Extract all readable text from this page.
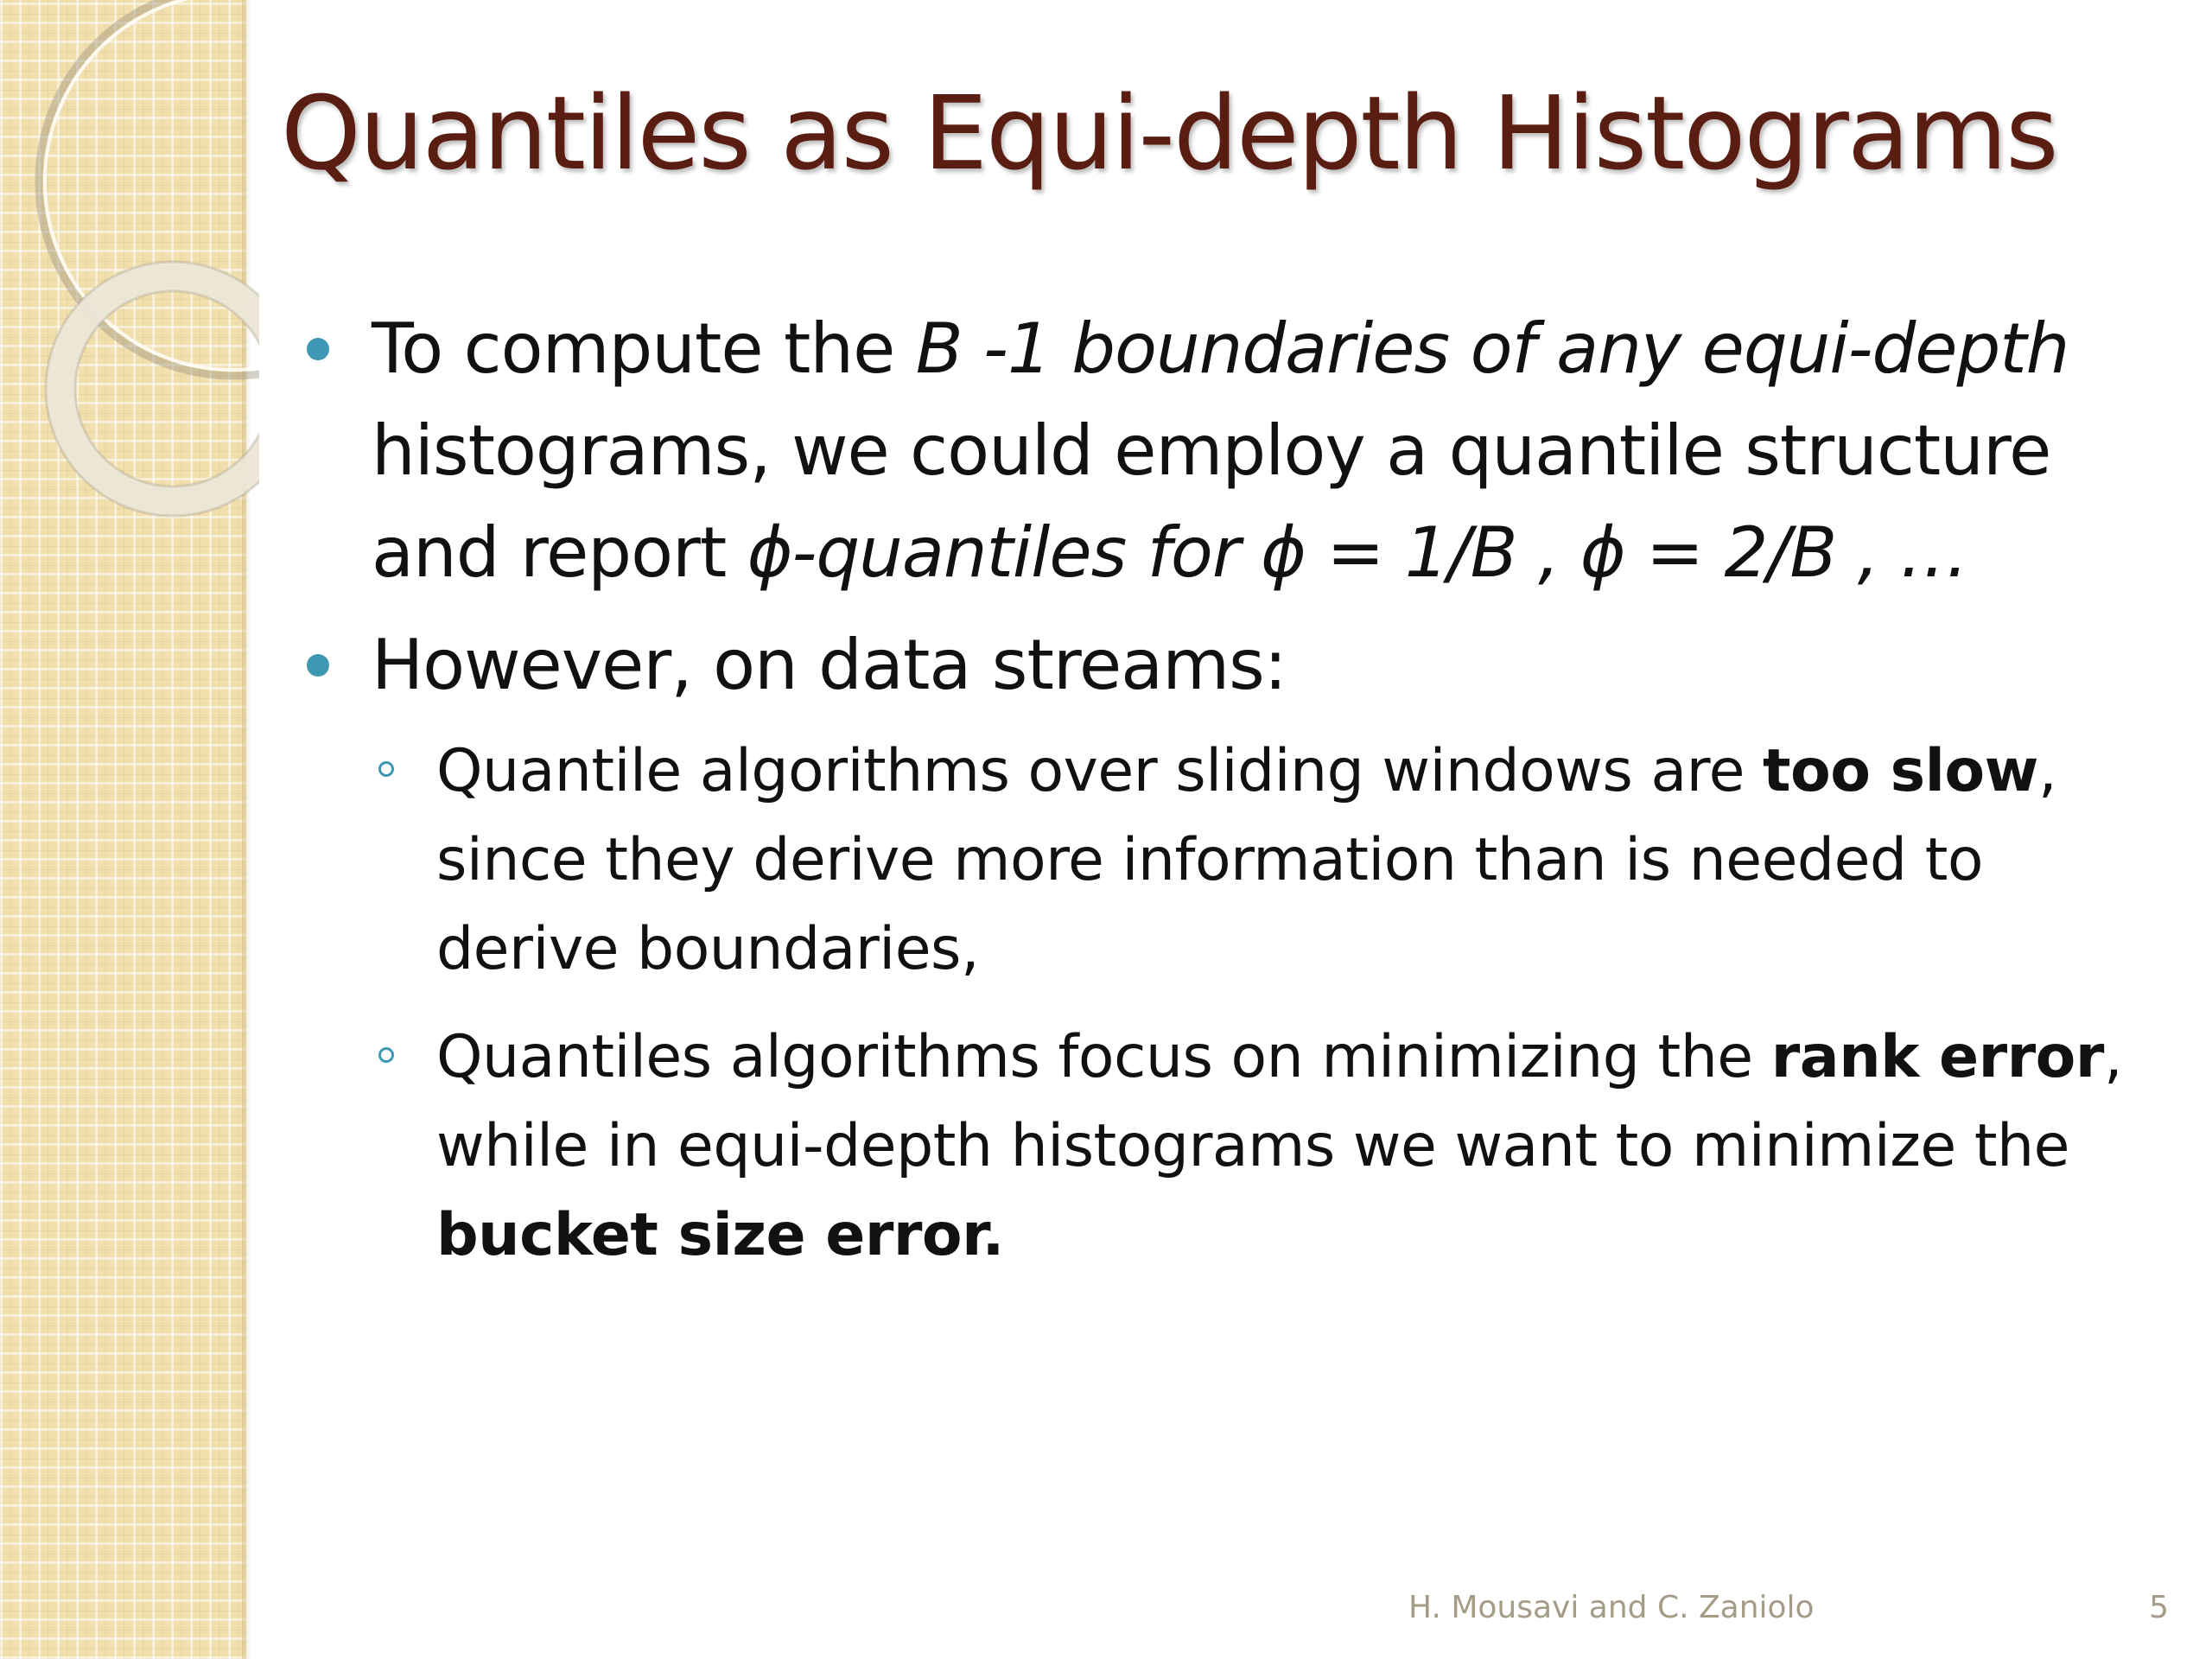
Quantiles as Equi-depth Histograms
To compute the B -1 boundaries of any equi-depth
histograms, we could employ a quantile structure and report ϕ-quantiles for ϕ = 1/B , ϕ = 2/B , …
However, on data streams:
Quantile algorithms over sliding windows are too slow, since they derive more information than is needed to derive boundaries,
Quantiles algorithms focus on minimizing the rank error, while in equi-depth histograms we want to minimize the bucket size error.
H. Mousavi and C. Zaniolo	5
